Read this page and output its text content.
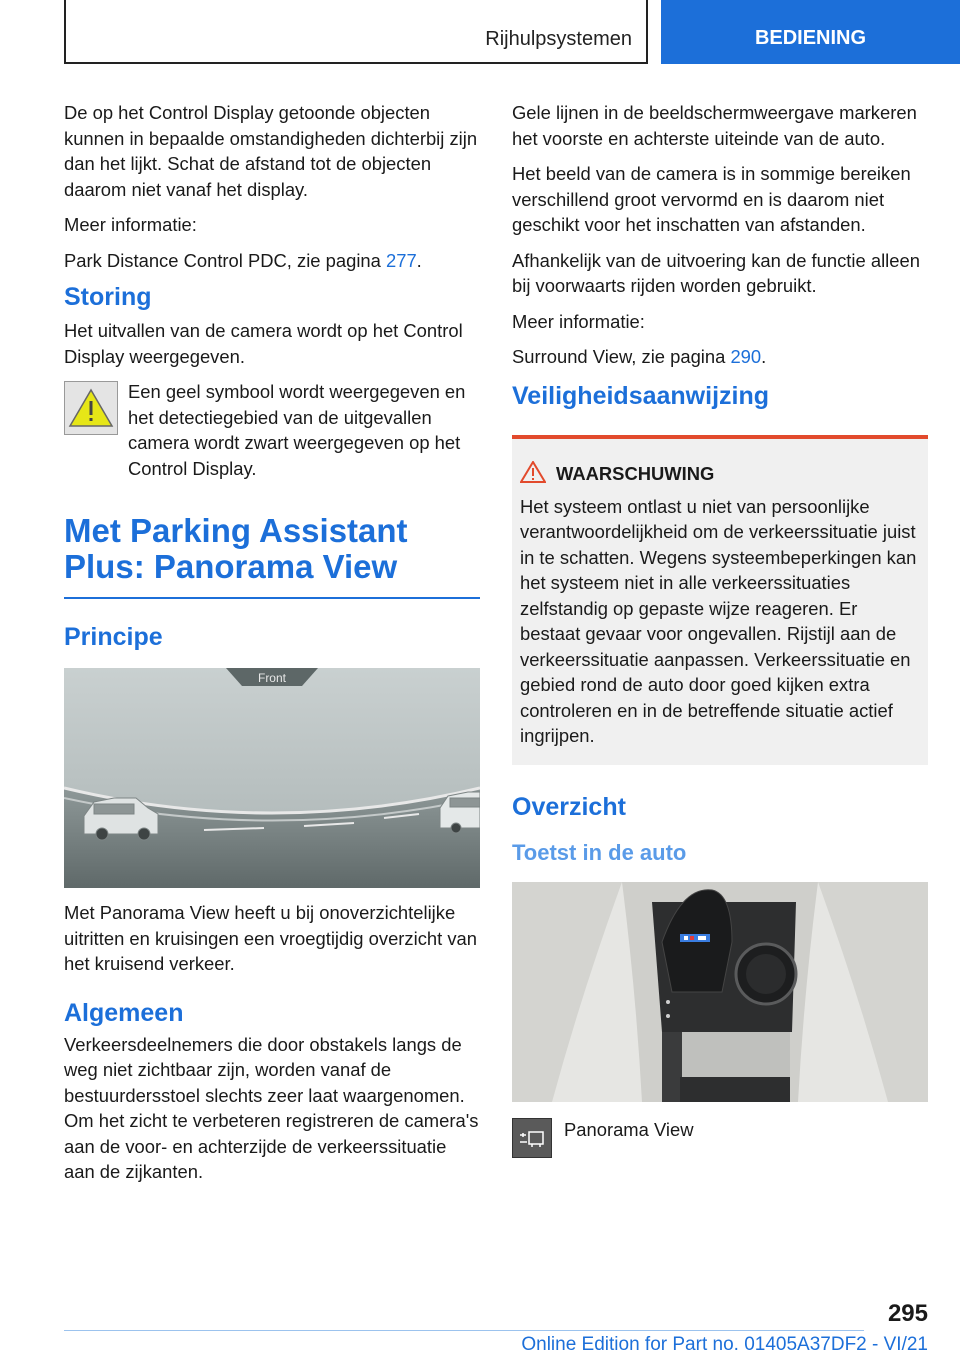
Rijhulpsystemen	BEDIENING

De op het Control Display getoonde objecten kunnen in bepaalde omstandigheden dichterbij zijn dan het lijkt. Schat de afstand tot de objecten daarom niet vanaf het display.

Meer informatie:

Park Distance Control PDC, zie pagina 277.

Storing

Het uitvallen van de camera wordt op het Control Display weergegeven.

Een geel symbool wordt weergegeven en het detectiegebied van de uitgevallen camera wordt zwart weergegeven op het Control Display.

Met Parking Assistant Plus: Panorama View
Principe
Front

Met Panorama View heeft u bij onoverzichtelijke uitritten en kruisingen een vroegtijdig overzicht van het kruisend verkeer.

Algemeen

Verkeersdeelnemers die door obstakels langs de weg niet zichtbaar zijn, worden vanaf de bestuurdersstoel slechts zeer laat waargenomen. Om het zicht te verbeteren registreren de camera's aan de voor- en achterzijde de verkeerssituatie aan de zijkanten.

Gele lijnen in de beeldschermweergave markeren het voorste en achterste uiteinde van de auto.

Het beeld van de camera is in sommige bereiken verschillend groot vervormd en is daarom niet geschikt voor het inschatten van afstanden.

Afhankelijk van de uitvoering kan de functie alleen bij voorwaarts rijden worden gebruikt.

Meer informatie:

Surround View, zie pagina 290.

Veiligheidsaanwijzing
WAARSCHUWING

Het systeem ontlast u niet van persoonlijke verantwoordelijkheid om de verkeerssituatie juist in te schatten. Wegens systeembeperkingen kan het systeem niet in alle verkeerssituaties zelfstandig op gepaste wijze reageren. Er bestaat gevaar voor ongevallen. Rijstijl aan de verkeerssituatie aanpassen. Verkeerssituatie en gebied rond de auto door goed kijken extra controleren en in de betreffende situatie actief ingrijpen.

Overzicht
Toetst in de auto
Panorama View
295
Online Edition for Part no. 01405A37DF2 - VI/21
